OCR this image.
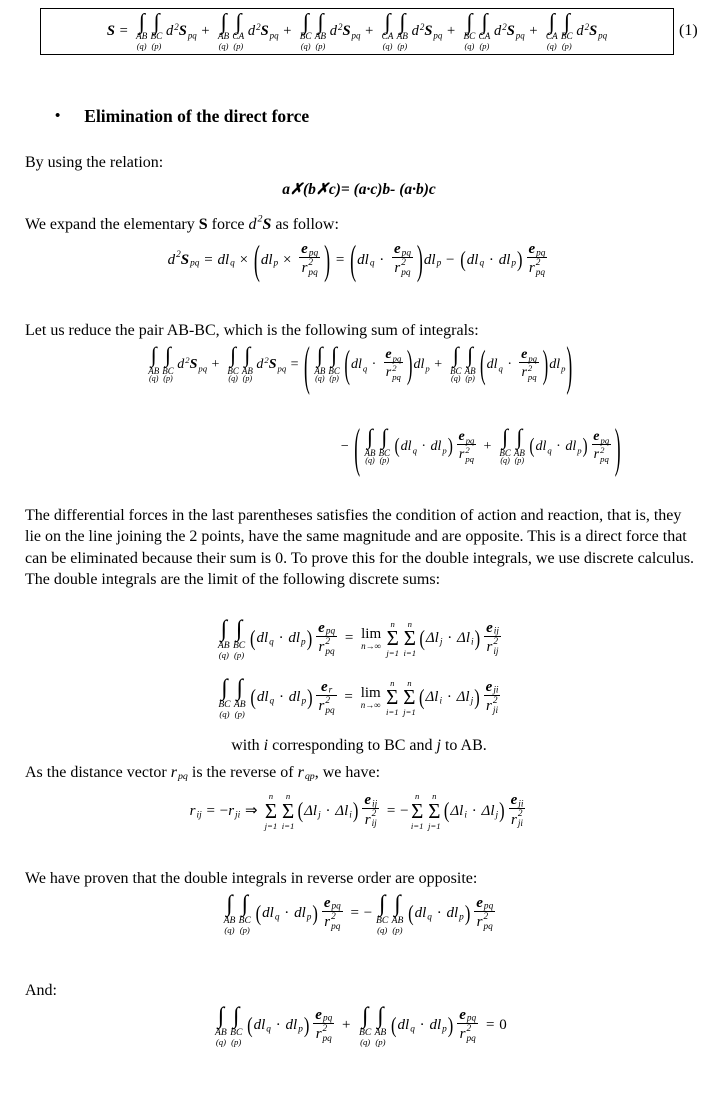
S = ∫
AB
(q)
∫
BC
(p)
d 2 S pq + ∫
AB
(q)
∫
CA
(p)
d 2 S pq + ∫
BC
(q)
∫
AB
(p)
d 2 S pq + ∫
CA
(q)
∫
AB
(p)
d 2 S pq + ∫
BC
(q)
∫
CA
(p)
d 2 S pq + ∫
CA
(q)
∫
BC
(p)
d 2 S pq	(1)
• Elimination of the direct force
By using the relation:
a✗(b✗c)= (a·c)b- (a·b)c
We expand the elementary S force d 2 S as follow:
d 2 S pq = dl q × ( dl p ×
e pq
r 2
pq ) = ( dl q ·
e pq
r 2
pq ) dl p − ( dl q · dl p ) e pq
r 2
pq
Let us reduce the pair AB-BC, which is the following sum of integrals:
∫
AB
(q)
∫
BC
(p)
d 2 S pq + ∫
BC
(q)
∫
AB
(p)
d 2 S pq = ( ∫
AB
(q)
∫
BC
(p) ( dl q ·
e pq
r 2
pq ) dl p + ∫
BC
(q)
∫
AB
(p) ( dl q ·
e pq
r 2
pq ) dl p )
− ( ∫
AB
(q)
∫
BC
(p)
( dl q · dl p ) e pq
r 2
pq
+ ∫
BC
(q)
∫
AB
(p)
( dl q · dl p ) e pq
r 2
pq )
The differential forces in the last parentheses satisfies the condition of action and reaction, that is, they lie on the line joining the 2 points, have the same magnitude and are opposite. This is a direct force that can be eliminated because their sum is 0. To prove this for the double integrals, we use discrete calculus. The double integrals are the limit of the following discrete sums:
∫
AB
(q)
∫
BC
(p)
( dl q · dl p ) e pq
r 2
pq
= lim
n→∞
n
Σ
j=1
n
Σ
i=1
( Δl j · Δl i ) e ij
r 2
ij
∫
BC
(q)
∫
AB
(p)
( dl q · dl p ) e r
r 2
pq = lim
n→∞
n
Σ
i=1
n
Σ
j=1
( Δl i · Δl j ) e ji
r 2
ji
with i corresponding to BC and j to AB.
As the distance vector r pq is the reverse of r qp , we have:
r ij = − r ji ⇒
n
Σ
j=1
n
Σ
i=1
( Δl j · Δl i ) e ij
r 2
ij
= −
n
Σ
i=1
n
Σ
j=1
( Δl i · Δl j ) e ji
r 2
ji
We have proven that the double integrals in reverse order are opposite:
∫
AB
(q)
∫
BC
(p)
( dl q · dl p ) e pq
r 2
pq
= − ∫
BC
(q)
∫
AB
(p)
( dl q · dl p ) e pq
r 2
pq
And:
∫
AB
(q)
∫
BC
(p)
( dl q · dl p ) e pq
r 2
pq
+ ∫
BC
(q)
∫
AB
(p)
( dl q · dl p ) e pq
r 2
pq
= 0
